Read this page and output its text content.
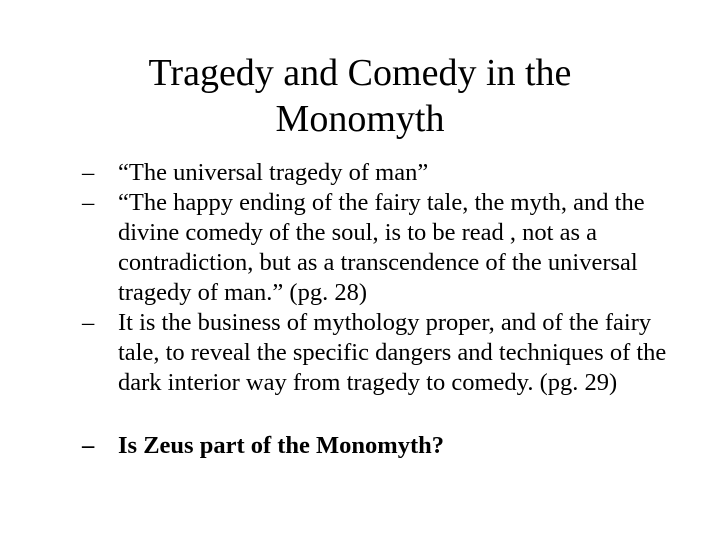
Tragedy and Comedy in the
Monomyth
– “The universal tragedy of man”
– “The happy ending of the fairy tale, the myth, and the divine comedy of the soul, is to be read , not as a contradiction, but as a transcendence of the universal tragedy of man.” (pg. 28)
– It is the business of mythology proper, and of the fairy tale, to reveal the specific dangers and techniques of the dark interior way from tragedy to comedy. (pg. 29)
– Is Zeus part of the Monomyth?
